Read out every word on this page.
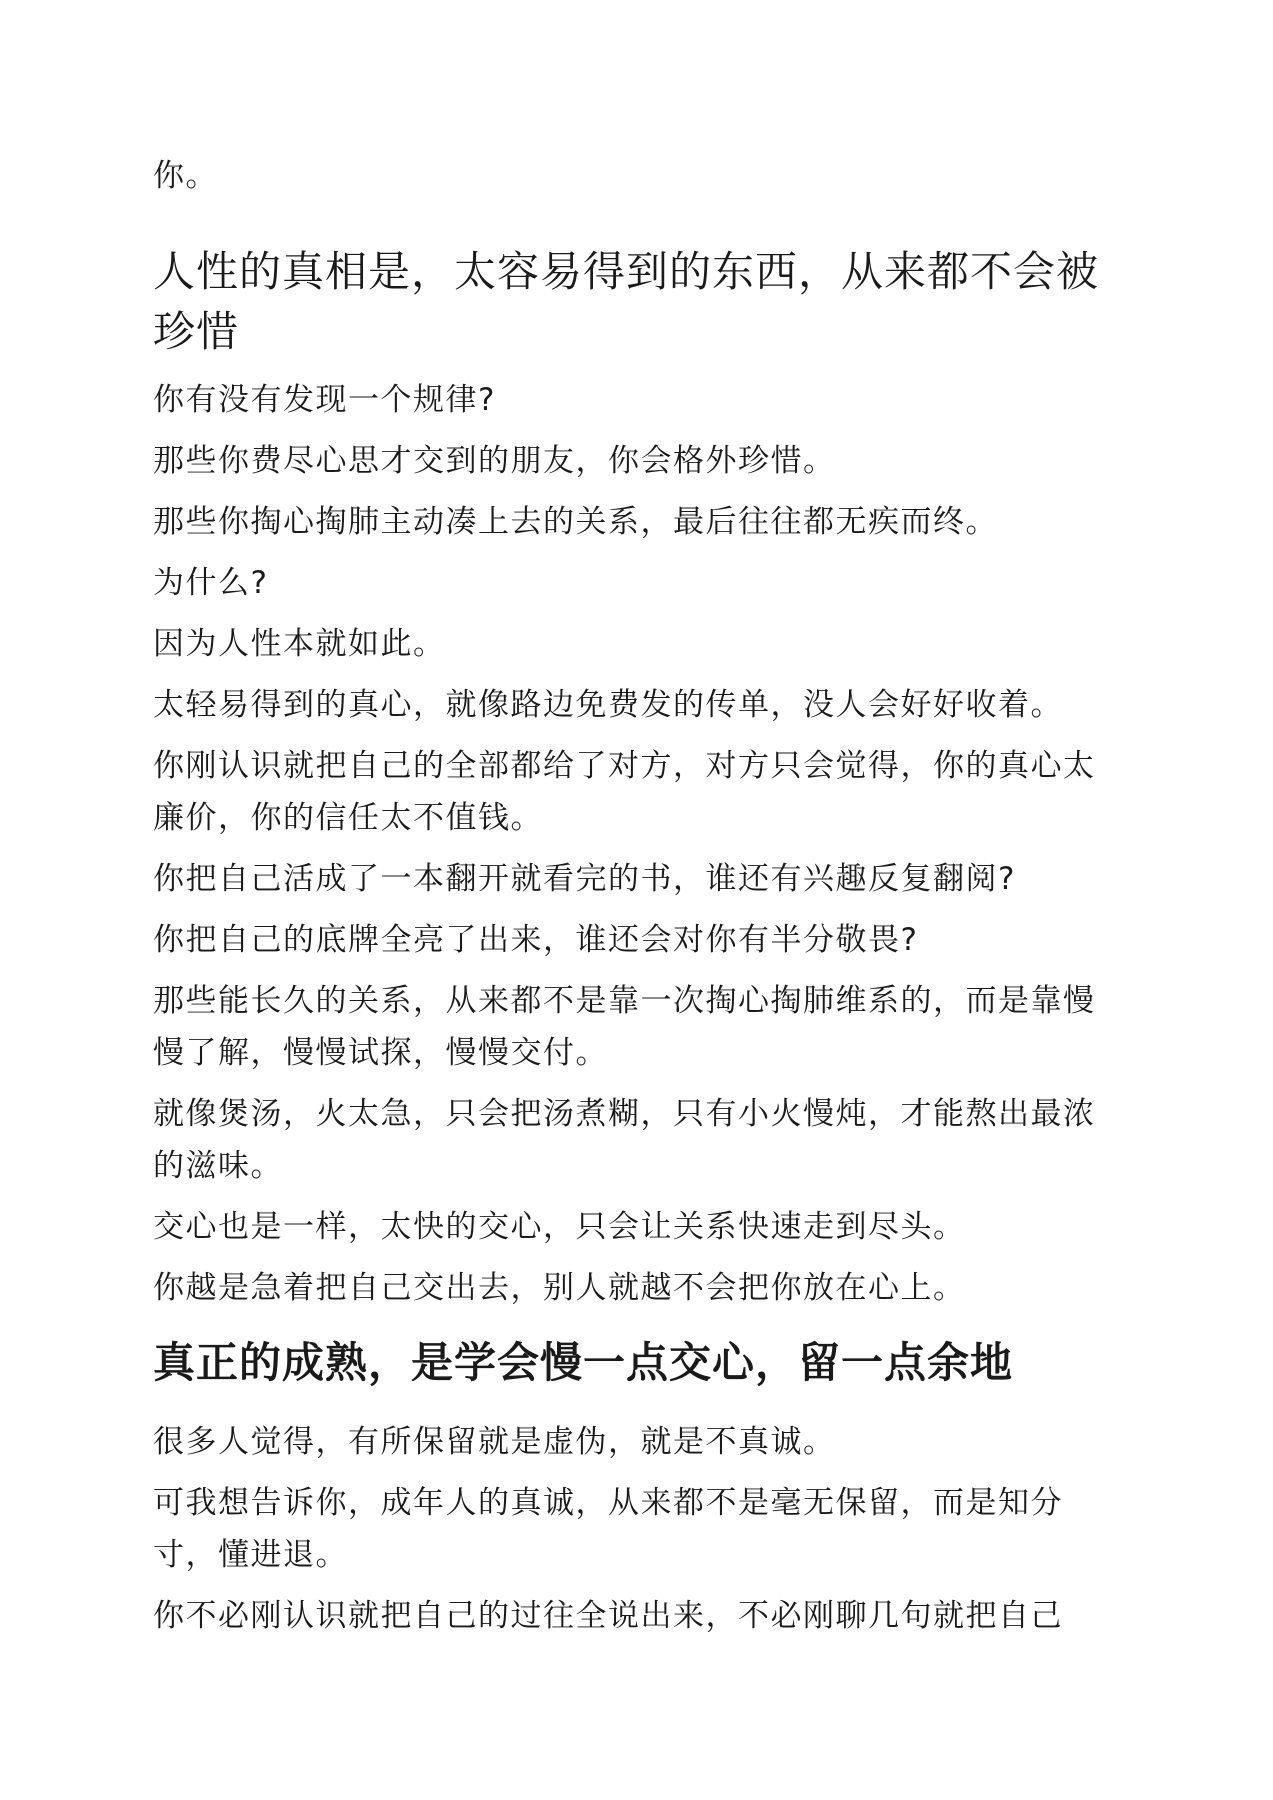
你。

人性的真相是，太容易得到的东西，从来都不会被珍惜

你有没有发现一个规律?

那些你费尽心思才交到的朋友，你会格外珍惜。

那些你掏心掏肺主动凑上去的关系，最后往往都无疾而终。

为什么?

因为人性本就如此。

太轻易得到的真心，就像路边免费发的传单，没人会好好收着。

你刚认识就把自己的全部都给了对方，对方只会觉得，你的真心太廉价，你的信任太不值钱。

你把自己活成了一本翻开就看完的书，谁还有兴趣反复翻阅?

你把自己的底牌全亮了出来，谁还会对你有半分敬畏?

那些能长久的关系，从来都不是靠一次掏心掏肺维系的，而是靠慢慢了解，慢慢试探，慢慢交付。

就像煲汤，火太急，只会把汤煮糊，只有小火慢炖，才能熬出最浓的滋味。

交心也是一样，太快的交心，只会让关系快速走到尽头。

你越是急着把自己交出去，别人就越不会把你放在心上。

真正的成熟，是学会慢一点交心，留一点余地

很多人觉得，有所保留就是虚伪，就是不真诚。

可我想告诉你，成年人的真诚，从来都不是毫无保留，而是知分寸，懂进退。

你不必刚认识就把自己的过往全说出来，不必刚聊几句就把自己
